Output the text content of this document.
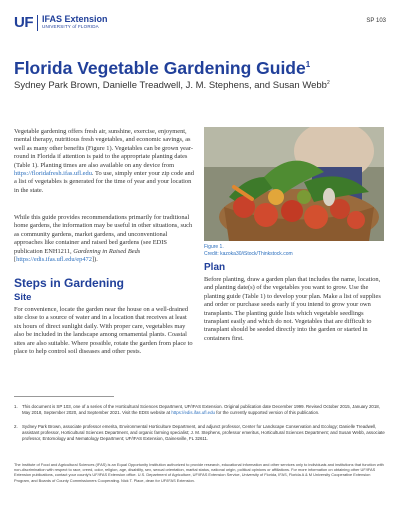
UF IFAS Extension
UNIVERSITY of FLORIDA
SP 103
Florida Vegetable Gardening Guide$^1$
Sydney Park Brown, Danielle Treadwell, J. M. Stephens, and Susan Webb$^2$

Vegetable gardening offers fresh air, sunshine, exercise, enjoyment, mental therapy, nutritious fresh vegetables, and economic savings, as well as many other benefits (Figure 1). Vegetables can be grown year-round in Florida if attention is paid to the appropriate planting dates (Table 1). Planting times are also available on any device from https://floridafresh.ifas.ufl.edu. To use, simply enter your zip code and a list of vegetables is generated for the time of year and your location in the state.

While this guide provides recommendations primarily for traditional home gardens, the information may be useful in other situations, such as community gardens, market gardens, and unconventional approaches like container and raised bed gardens (see EDIS publication ENH1211, Gardening in Raised Beds [https://edis.ifas.ufl.edu/ep472]).

Steps in Gardening
Site

For convenience, locate the garden near the house on a well-drained site close to a source of water and in a location that receives at least six hours of direct sunlight daily. With proper care, vegetables may also be included in the landscape among ornamental plants. Coastal sites are also suitable. Where possible, rotate the garden from place to place to help control soil diseases and other pests.

Figure 1.
Credit: kazoka30/iStock/Thinkstock.com
Plan

Before planting, draw a garden plan that includes the name, location, and planting date(s) of the vegetables you want to grow. Use the planting guide (Table 1) to develop your plan. Make a list of supplies and order or purchase seeds early if you intend to grow your own transplants. The planting guide lists which vegetable seedlings transplant easily and which do not. Vegetables that are difficult to transplant should be seeded directly into the garden or started in containers first.

1. This document is SP 103, one of a series of the Horticultural Sciences Department, UF/IFAS Extension. Original publication date December 1999. Revised October 2015, January 2018, May 2018, September 2020, and September 2021. Visit the EDIS website at https://edis.ifas.ufl.edu for the currently supported version of this publication.
2. Sydney Park Brown, associate professor emerita, Environmental Horticulture Department, and adjunct professor, Center for Landscape Conservation and Ecology; Danielle Treadwell, assistant professor, Horticultural Sciences Department, and organic farming specialist; J. M. Stephens, professor emeritus, Horticultural Sciences Department; and Susan Webb, associate professor, Entomology and Nematology Department; UF/IFAS Extension, Gainesville, FL 32611.
The Institute of Food and Agricultural Sciences (IFAS) is an Equal Opportunity Institution authorized to provide research, educational information and other services only to individuals and institutions that function with non-discrimination with respect to race, creed, color, religion, age, disability, sex, sexual orientation, marital status, national origin, political opinions or affiliations. For more information on obtaining other UF/IFAS Extension publications, contact your county's UF/IFAS Extension office. U.S. Department of Agriculture, UF/IFAS Extension Service, University of Florida, IFAS, Florida A & M University Cooperative Extension Program, and Boards of County Commissioners Cooperating. Nick T. Place, dean for UF/IFAS Extension.
